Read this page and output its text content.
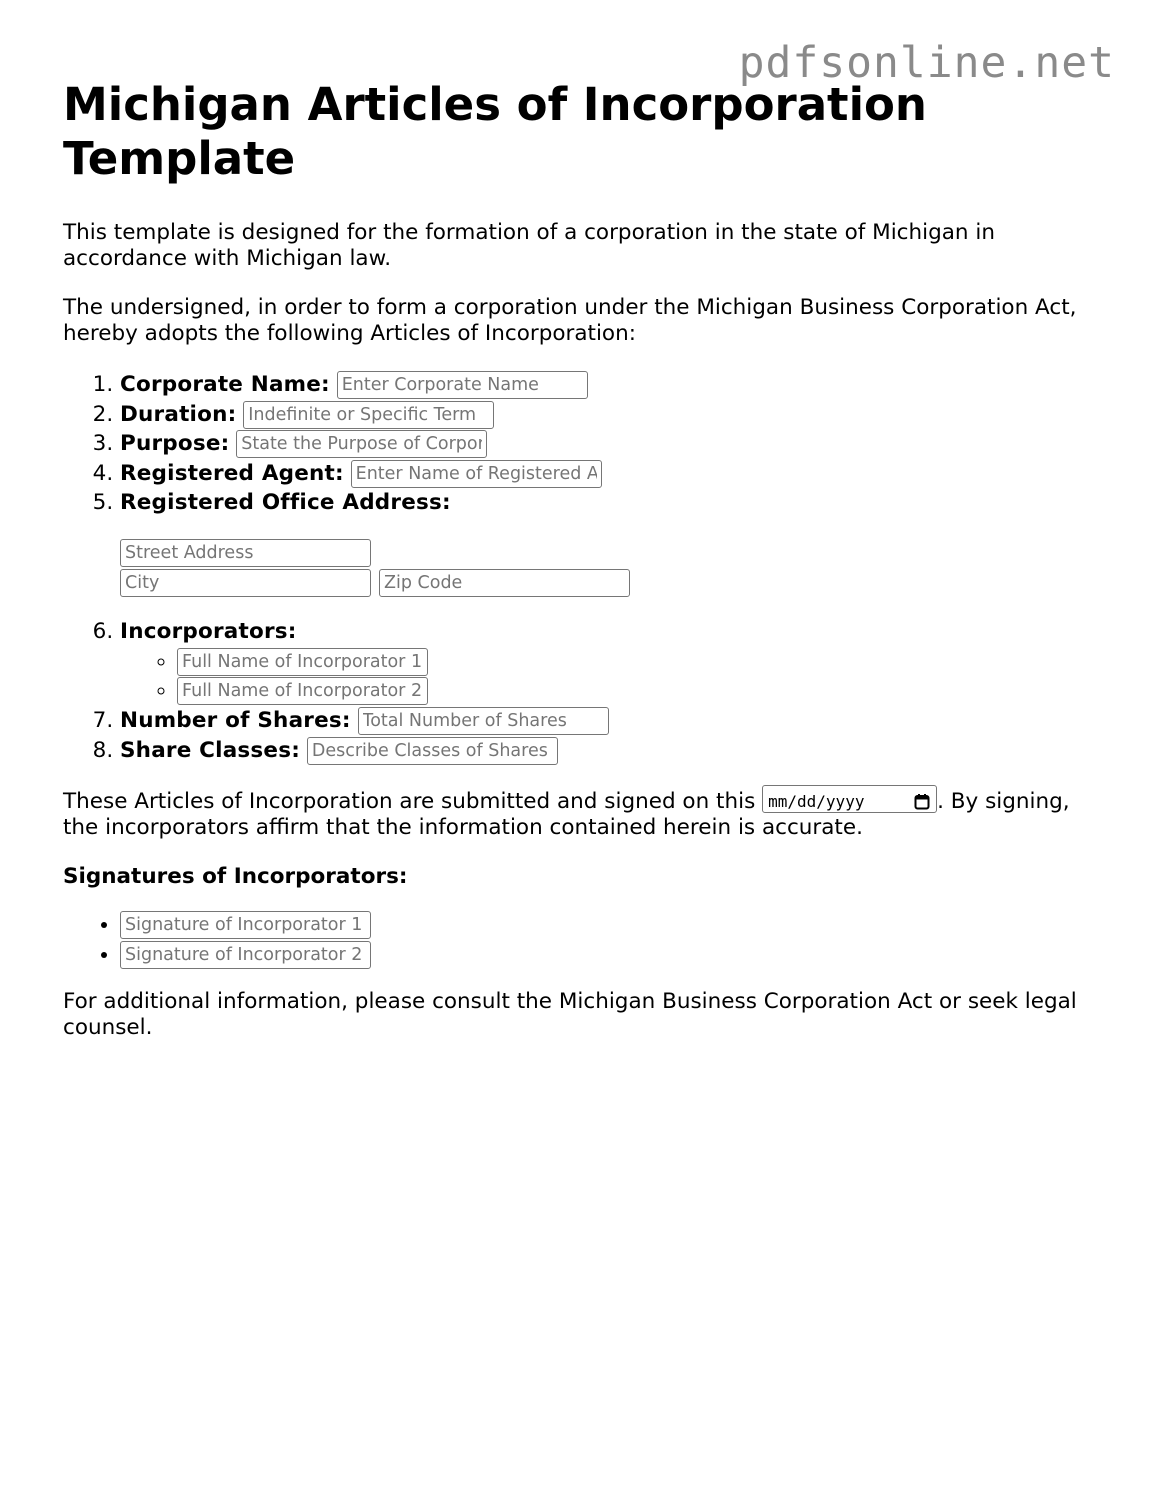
pdfsonline.net
Michigan Articles of Incorporation Template

This template is designed for the formation of a corporation in the state of Michigan in accordance with Michigan law.

The undersigned, in order to form a corporation under the Michigan Business Corporation Act, hereby adopts the following Articles of Incorporation:

1. Corporate Name: Enter Corporate Name
2. Duration: Indefinite or Specific Term
3. Purpose: State the Purpose of Corporation
4. Registered Agent: Enter Name of Registered Agent
5. Registered Office Address:
Street Address
CityZip Code
6. Incorporators:
◦ Full Name of Incorporator 1
◦ Full Name of Incorporator 2
7. Number of Shares: Total Number of Shares
8. Share Classes: Describe Classes of Shares

These Articles of Incorporation are submitted and signed on this mm/dd/yyyy	. By signing, the incorporators affirm that the information contained herein is accurate.

Signatures of Incorporators:
• Signature of Incorporator 1
• Signature of Incorporator 2

For additional information, please consult the Michigan Business Corporation Act or seek legal counsel.
